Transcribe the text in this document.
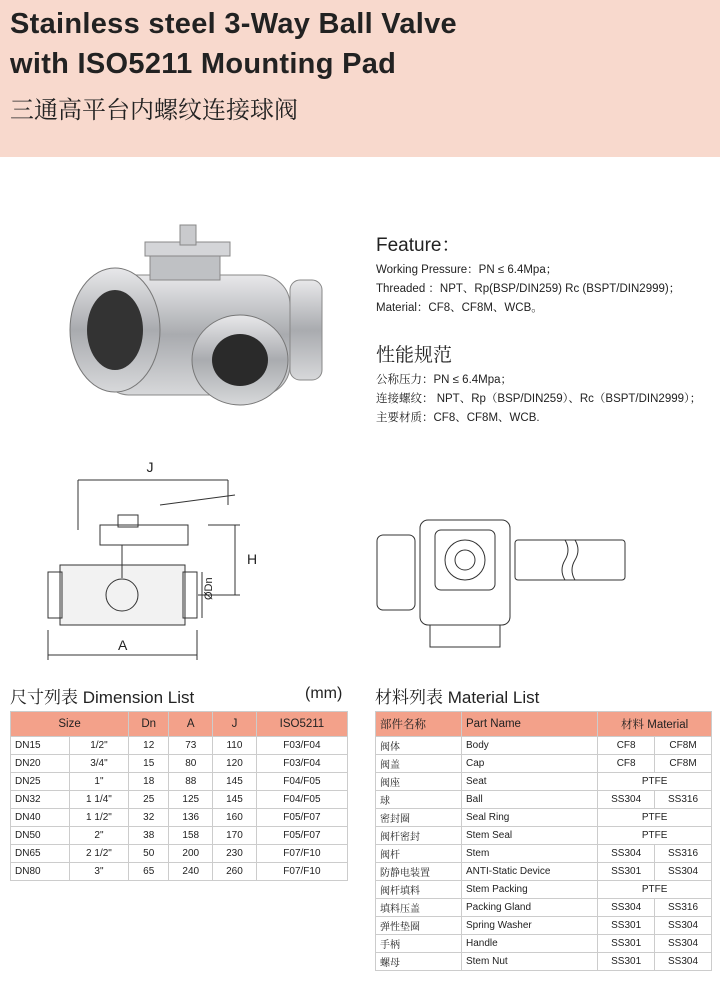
Stainless steel 3-Way Ball Valve
with ISO5211 Mounting Pad
三通高平台内螺纹连接球阀
Feature：
Working Pressure：PN ≤ 6.4Mpa；
Threaded ：NPT、Rp(BSP/DIN259) Rc (BSPT/DIN2999)；
Material：CF8、CF8M、WCB。
性能规范
公称压力：PN ≤ 6.4Mpa；
连接螺纹： NPT、Rp（BSP/DIN259）、Rc（BSPT/DIN2999）；
主要材质：CF8、CF8M、WCB.
J
H
ØDn
A
尺寸列表 Dimension List	(mm) 材料列表 Material List
Size		Dn	A	J	ISO5211
DN15	1/2"	12	73	110	F03/F04
DN20	3/4"	15	80	120	F03/F04
DN25	1"	18	88	145	F04/F05
DN32	1 1/4"	25	125	145	F04/F05
DN40	1 1/2"	32	136	160	F05/F07
DN50	2"	38	158	170	F05/F07
DN65	2 1/2"	50	200	230	F07/F10
DN80	3"	65	240	260	F07/F10
部件名称	Part Name	材料 Material	
阀体	Body	CF8	CF8M
阀盖	Cap	CF8	CF8M
阀座	Seat	PTFE	
球	Ball	SS304	SS316
密封圈	Seal Ring	PTFE	
阀杆密封	Stem Seal	PTFE	
阀杆	Stem	SS304	SS316
防静电装置	ANTI-Static Device	SS301	SS304
阀杆填料	Stem Packing	PTFE	
填料压盖	Packing Gland	SS304	SS316
弹性垫圈	Spring Washer	SS301	SS304
手柄	Handle	SS301	SS304
螺母	Stem Nut	SS301	SS304
